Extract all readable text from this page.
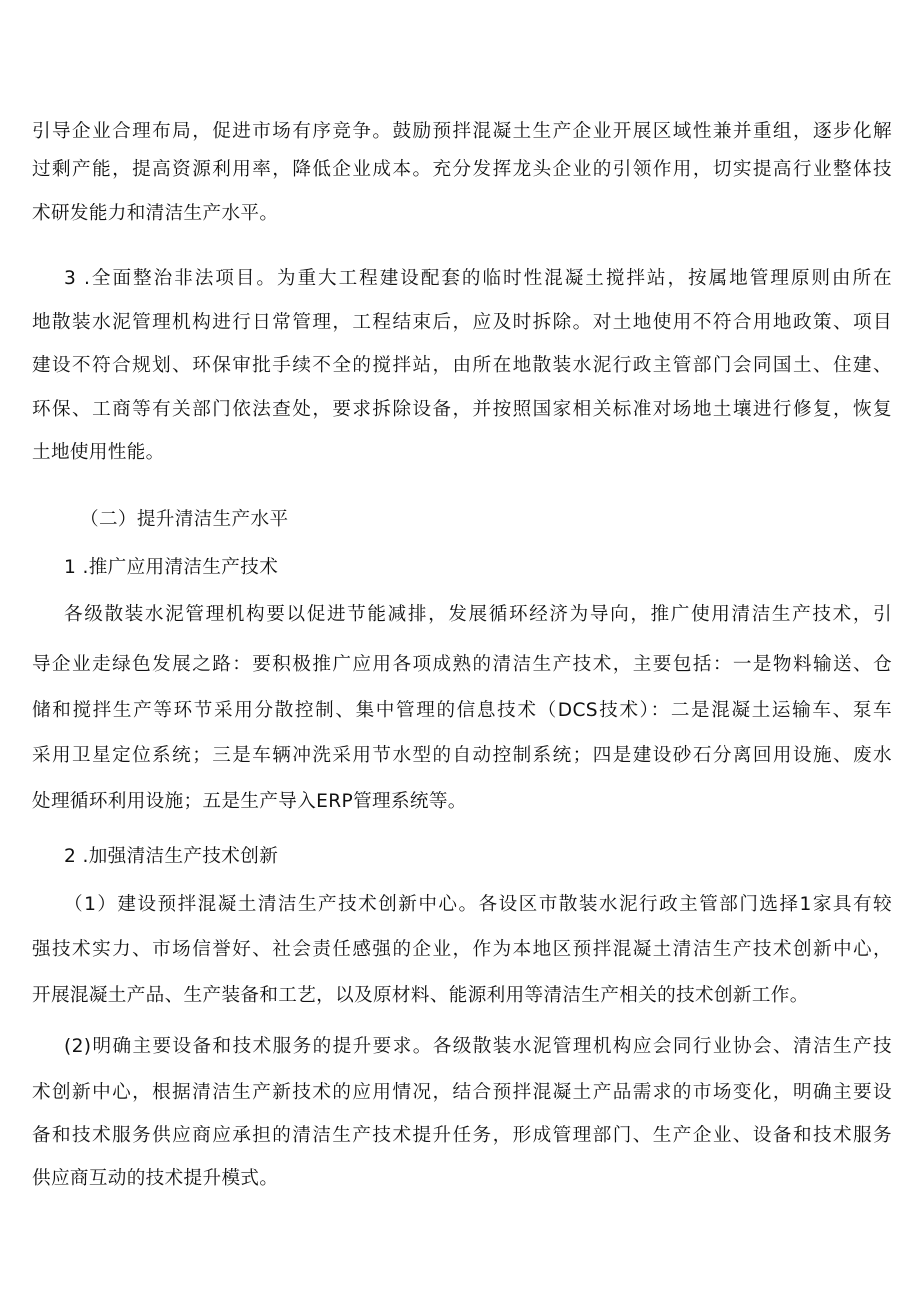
引导企业合理布局，促进市场有序竞争。鼓励预拌混凝土生产企业开展区域性兼并重组，逐步化解
过剩产能，提高资源利用率，降低企业成本。充分发挥龙头企业的引领作用，切实提高行业整体技
术研发能力和清洁生产水平。
3 .全面整治非法项目。为重大工程建设配套的临时性混凝土搅拌站，按属地管理原则由所在
地散装水泥管理机构进行日常管理，工程结束后，应及时拆除。对土地使用不符合用地政策、项目
建设不符合规划、环保审批手续不全的搅拌站，由所在地散装水泥行政主管部门会同国土、住建、
环保、工商等有关部门依法查处，要求拆除设备，并按照国家相关标准对场地土壤进行修复，恢复
土地使用性能。
（二）提升清洁生产水平
1 .推广应用清洁生产技术
各级散装水泥管理机构要以促进节能减排，发展循环经济为导向，推广使用清洁生产技术，引
导企业走绿色发展之路：要积极推广应用各项成熟的清洁生产技术，主要包括：一是物料输送、仓
储和搅拌生产等环节采用分散控制、集中管理的信息技术（DCS技术）：二是混凝土运输车、泵车
采用卫星定位系统；三是车辆冲洗采用节水型的自动控制系统；四是建设砂石分离回用设施、废水
处理循环利用设施；五是生产导入ERP管理系统等。
2 .加强清洁生产技术创新
（1）建设预拌混凝土清洁生产技术创新中心。各设区市散装水泥行政主管部门选择1家具有较
强技术实力、市场信誉好、社会责任感强的企业，作为本地区预拌混凝土清洁生产技术创新中心，
开展混凝土产品、生产装备和工艺，以及原材料、能源利用等清洁生产相关的技术创新工作。
(2)明确主要设备和技术服务的提升要求。各级散装水泥管理机构应会同行业协会、清洁生产技
术创新中心，根据清洁生产新技术的应用情况，结合预拌混凝土产品需求的市场变化，明确主要设
备和技术服务供应商应承担的清洁生产技术提升任务，形成管理部门、生产企业、设备和技术服务
供应商互动的技术提升模式。
